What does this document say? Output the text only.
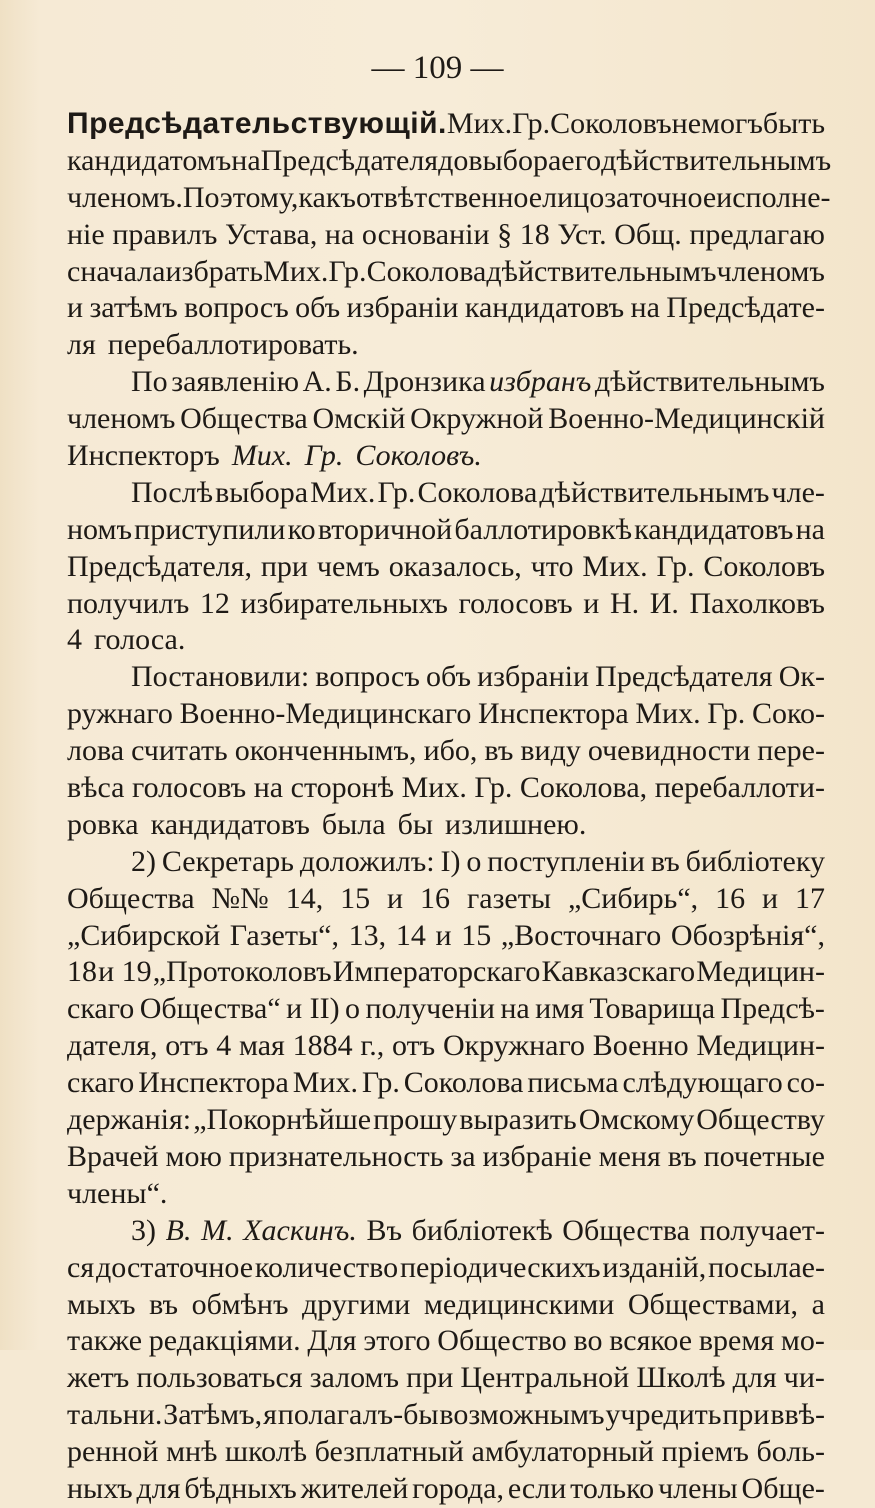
— 109 —
Предсѣдательствующій. Мих. Гр. Соколовъ не могъ быть
кандидатомъ на Предсѣдателя до выбора его дѣйствительнымъ
членомъ. Поэтому, какъ отвѣтственное лицо за точное исполне-
ніе правилъ Устава, на основаніи § 18 Уст. Общ. предлагаю
сначала избрать Мих. Гр. Соколова дѣйствительнымъ членомъ
и затѣмъ вопросъ объ избраніи кандидатовъ на Предсѣдате-
ля перебаллотировать.
По заявленію А. Б. Дронзика избранъ дѣйствительнымъ
членомъ Общества Омскій Окружной Военно-Медицинскій
Инспекторъ Мих. Гр. Соколовъ.
Послѣ выбора Мих. Гр. Соколова дѣйствительнымъ чле-
номъ приступили ко вторичной баллотировкѣ кандидатовъ на
Предсѣдателя, при чемъ оказалось, что Мих. Гр. Соколовъ
получилъ 12 избирательныхъ голосовъ и Н. И. Пахолковъ
4 голоса.
Постановили: вопросъ объ избраніи Предсѣдателя Ок-
ружнаго Военно-Медицинскаго Инспектора Мих. Гр. Соко-
лова считать оконченнымъ, ибо, въ виду очевидности пере-
вѣса голосовъ на сторонѣ Мих. Гр. Соколова, перебаллоти-
ровка кандидатовъ была бы излишнею.
2) Секретарь доложилъ: I) о поступленіи въ библіотеку
Общества №№ 14, 15 и 16 газеты „Сибирь“, 16 и 17
„Сибирской Газеты“, 13, 14 и 15 „Восточнаго Обозрѣнія“,
18 и 19 „Протоколовъ Императорскаго Кавказскаго Медицин-
скаго Общества“ и II) о полученіи на имя Товарища Предсѣ-
дателя, отъ 4 мая 1884 г., отъ Окружнаго Военно Медицин-
скаго Инспектора Мих. Гр. Соколова письма слѣдующаго со-
держанія: „Покорнѣйше прошу выразить Омскому Обществу
Врачей мою признательность за избраніе меня въ почетные
члены“.
3) В. М. Хаскинъ. Въ библіотекѣ Общества получает-
ся достаточное количество періодическихъ изданій, посылае-
мыхъ въ обмѣнъ другими медицинскими Обществами, а
также редакціями. Для этого Общество во всякое время мо-
жетъ пользоваться заломъ при Центральной Школѣ для чи-
тальни. Затѣмъ, я полагалъ-бы возможнымъ учредить при ввѣ-
ренной мнѣ школѣ безплатный амбулаторный пріемъ боль-
ныхъ для бѣдныхъ жителей города, если только члены Обще-
